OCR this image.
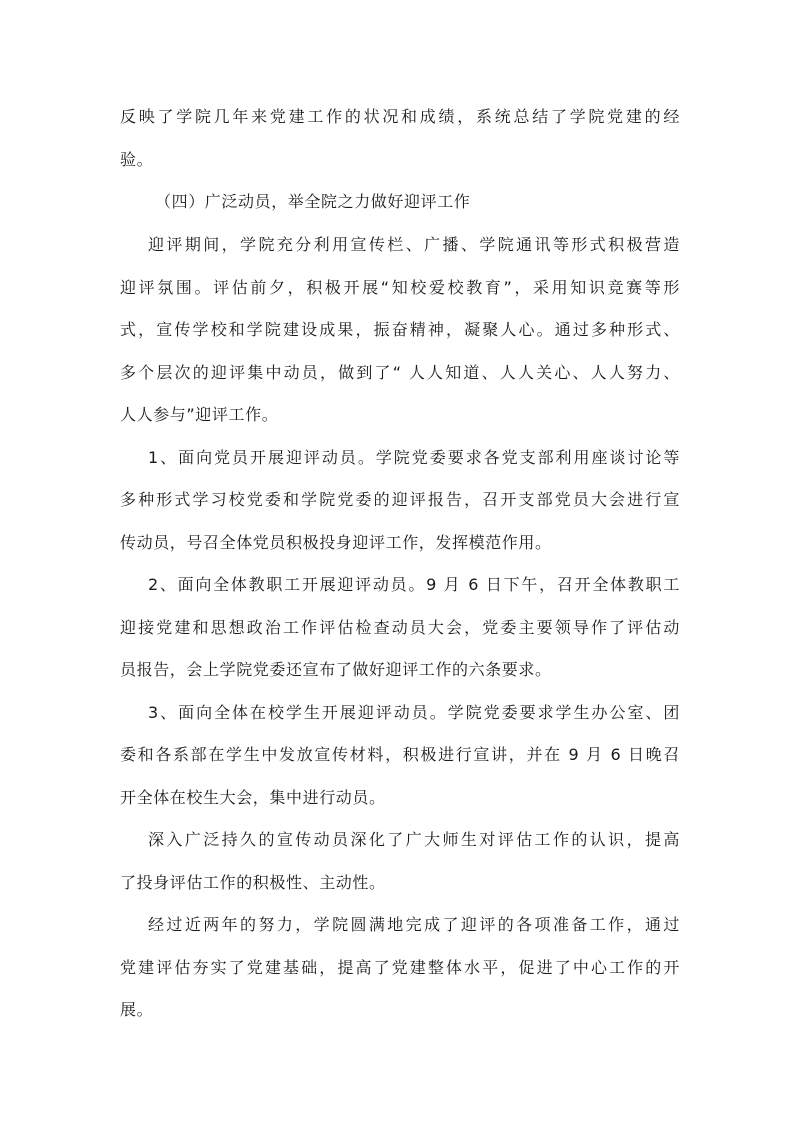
反映了学院几年来党建工作的状况和成绩，系统总结了学院党建的经
验。
（四）广泛动员，举全院之力做好迎评工作
迎评期间，学院充分利用宣传栏、广播、学院通讯等形式积极营造
迎评氛围。评估前夕，积极开展“知校爱校教育”，采用知识竞赛等形
式，宣传学校和学院建设成果，振奋精神，凝聚人心。通过多种形式、
多个层次的迎评集中动员，做到了“ 人人知道、人人关心、人人努力、
人人参与”迎评工作。
1、面向党员开展迎评动员。学院党委要求各党支部利用座谈讨论等
多种形式学习校党委和学院党委的迎评报告，召开支部党员大会进行宣
传动员，号召全体党员积极投身迎评工作，发挥模范作用。
2、面向全体教职工开展迎评动员。9 月 6 日下午，召开全体教职工
迎接党建和思想政治工作评估检查动员大会，党委主要领导作了评估动
员报告，会上学院党委还宣布了做好迎评工作的六条要求。
3、面向全体在校学生开展迎评动员。学院党委要求学生办公室、团
委和各系部在学生中发放宣传材料，积极进行宣讲，并在 9 月 6 日晚召
开全体在校生大会，集中进行动员。
深入广泛持久的宣传动员深化了广大师生对评估工作的认识，提高
了投身评估工作的积极性、主动性。
经过近两年的努力，学院圆满地完成了迎评的各项准备工作，通过
党建评估夯实了党建基础，提高了党建整体水平，促进了中心工作的开
展。
